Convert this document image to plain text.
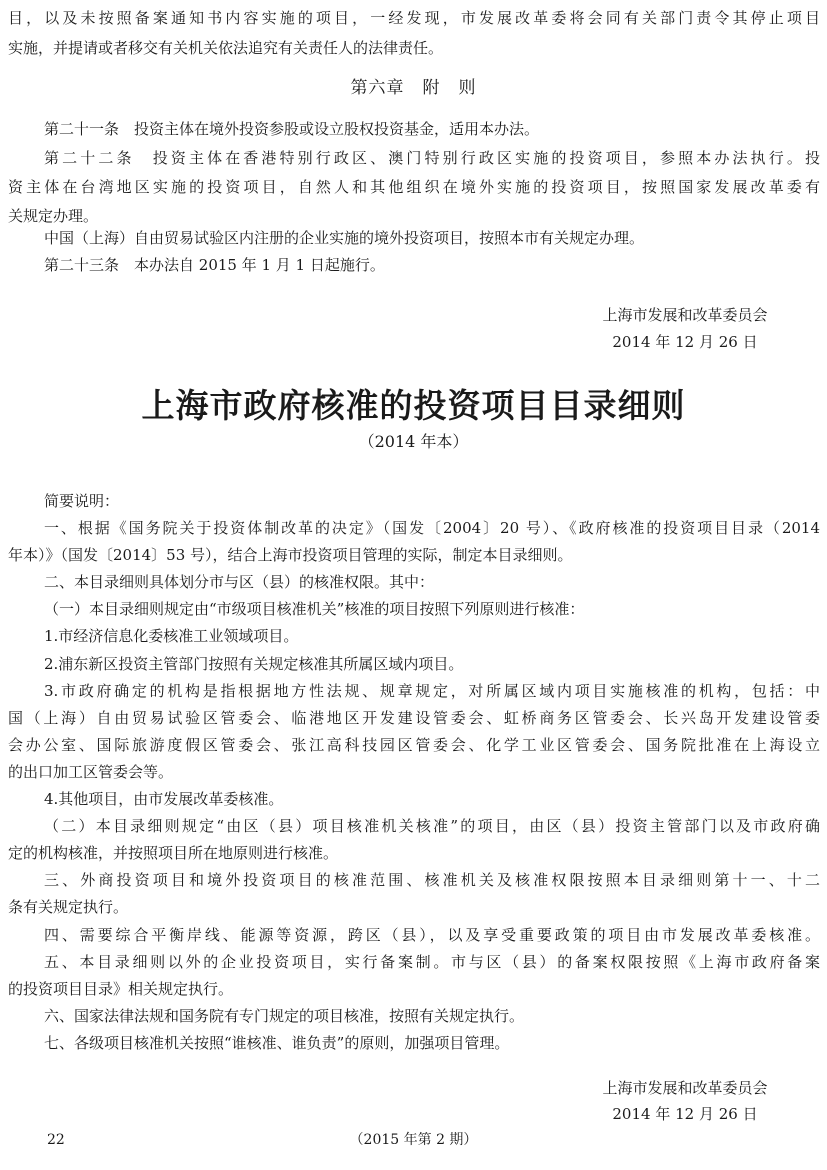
目，以及未按照备案通知书内容实施的项目，一经发现，市发展改革委将会同有关部门责令其停止项目
实施，并提请或者移交有关机关依法追究有关责任人的法律责任。
第六章　附　则
第二十一条　投资主体在境外投资参股或设立股权投资基金，适用本办法。
第二十二条　投资主体在香港特别行政区、澳门特别行政区实施的投资项目，参照本办法执行。投
资主体在台湾地区实施的投资项目，自然人和其他组织在境外实施的投资项目，按照国家发展改革委有
关规定办理。
中国（上海）自由贸易试验区内注册的企业实施的境外投资项目，按照本市有关规定办理。
第二十三条　本办法自 2015 年 1 月 1 日起施行。
上海市发展和改革委员会
2014 年 12 月 26 日
上海市政府核准的投资项目目录细则
（2014 年本）
简要说明：
一、根据《国务院关于投资体制改革的决定》（国发〔2004〕20 号）、《政府核准的投资项目目录（2014
年本）》（国发〔2014〕53 号），结合上海市投资项目管理的实际，制定本目录细则。
二、本目录细则具体划分市与区（县）的核准权限。其中：
（一）本目录细则规定由“市级项目核准机关”核准的项目按照下列原则进行核准：
1.市经济信息化委核准工业领域项目。
2.浦东新区投资主管部门按照有关规定核准其所属区域内项目。
3.市政府确定的机构是指根据地方性法规、规章规定，对所属区域内项目实施核准的机构，包括：中
国（上海）自由贸易试验区管委会、临港地区开发建设管委会、虹桥商务区管委会、长兴岛开发建设管委
会办公室、国际旅游度假区管委会、张江高科技园区管委会、化学工业区管委会、国务院批准在上海设立
的出口加工区管委会等。
4.其他项目，由市发展改革委核准。
（二）本目录细则规定“由区（县）项目核准机关核准”的项目，由区（县）投资主管部门以及市政府确
定的机构核准，并按照项目所在地原则进行核准。
三、外商投资项目和境外投资项目的核准范围、核准机关及核准权限按照本目录细则第十一、十二
条有关规定执行。
四、需要综合平衡岸线、能源等资源，跨区（县），以及享受重要政策的项目由市发展改革委核准。
五、本目录细则以外的企业投资项目，实行备案制。市与区（县）的备案权限按照《上海市政府备案
的投资项目目录》相关规定执行。
六、国家法律法规和国务院有专门规定的项目核准，按照有关规定执行。
七、各级项目核准机关按照“谁核准、谁负责”的原则，加强项目管理。
上海市发展和改革委员会
2014 年 12 月 26 日
22	（2015 年第 2 期）
